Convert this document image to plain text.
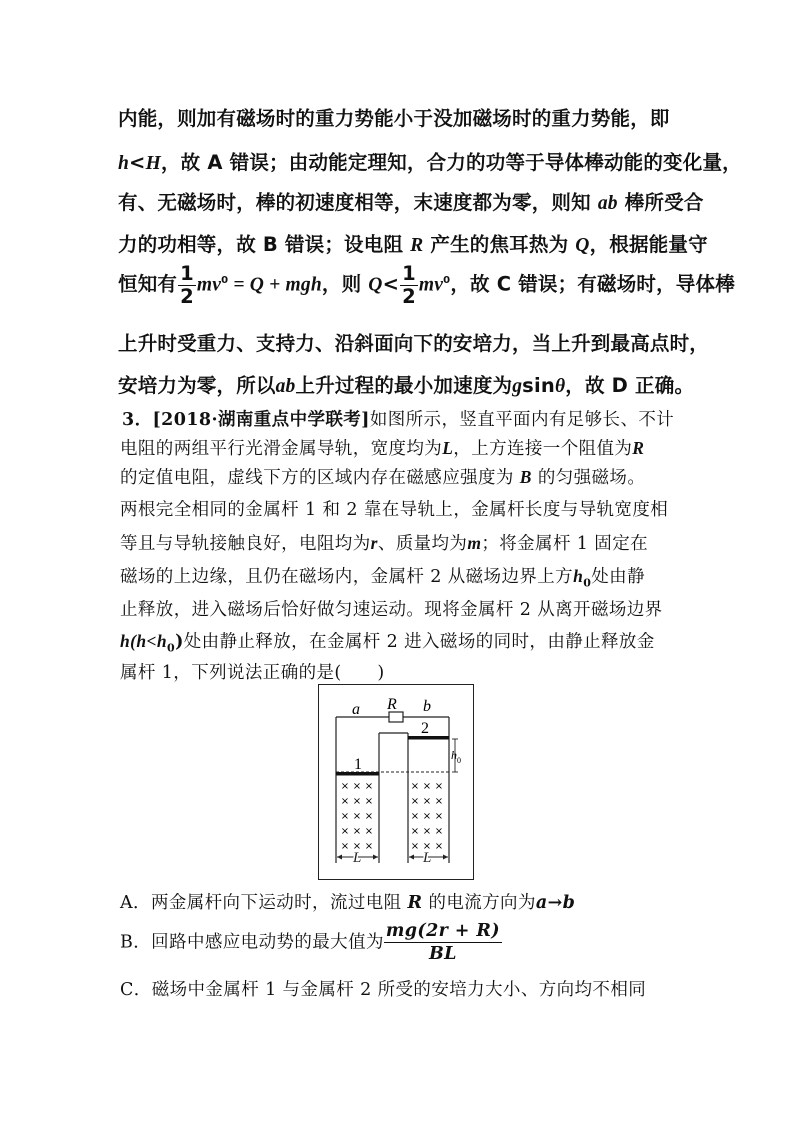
内能，则加有磁场时的重力势能小于没加磁场时的重力势能，即
h<H，故 A 错误；由动能定理知，合力的功等于导体棒动能的变化量，
有、无磁场时，棒的初速度相等，末速度都为零，则知 ab 棒所受合
力的功相等，故 B 错误；设电阻 R 产生的焦耳热为 Q，根据能量守
恒知有 $\frac{1}{2} mv^0 = Q$ + mgh，则 $Q< \frac{1}{2} mv^0$，故 C 错误；有磁场时，导体棒
上升时受重力、支持力、沿斜面向下的安培力，当上升到最高点时，
安培力为零，所以ab上升过程的最小加速度为gsinθ，故 D 正确。
3．[2018·湖南重点中学联考]如图所示，竖直平面内有足够长、不计
电阻的两组平行光滑金属导轨，宽度均为L，上方连接一个阻值为R
的定值电阻，虚线下方的区域内存在磁感应强度为 B 的匀强磁场。
两根完全相同的金属杆 1 和 2 靠在导轨上，金属杆长度与导轨宽度相
等且与导轨接触良好，电阻均为r、质量均为m；将金属杆 1 固定在
磁场的上边缘，且仍在磁场内，金属杆 2 从磁场边界上方$h_0$处由静
止释放，进入磁场后恰好做匀速运动。现将金属杆 2 从离开磁场边界
$h(h<h_0)$处由静止释放，在金属杆 2 进入磁场的同时，由静止释放金
属杆 1，下列说法正确的是(　　)
a R b
2
1
h 0
L	L
× × ×
× × ×
× × ×
× × ×
× × ×
× × ×
× × ×
× × ×
× × ×
× × ×
A．两金属杆向下运动时，流过电阻 R 的电流方向为a→b
B．回路中感应电动势的最大值为 $\frac{mg(2r + R)}{BL}$
C．磁场中金属杆 1 与金属杆 2 所受的安培力大小、方向均不相同
